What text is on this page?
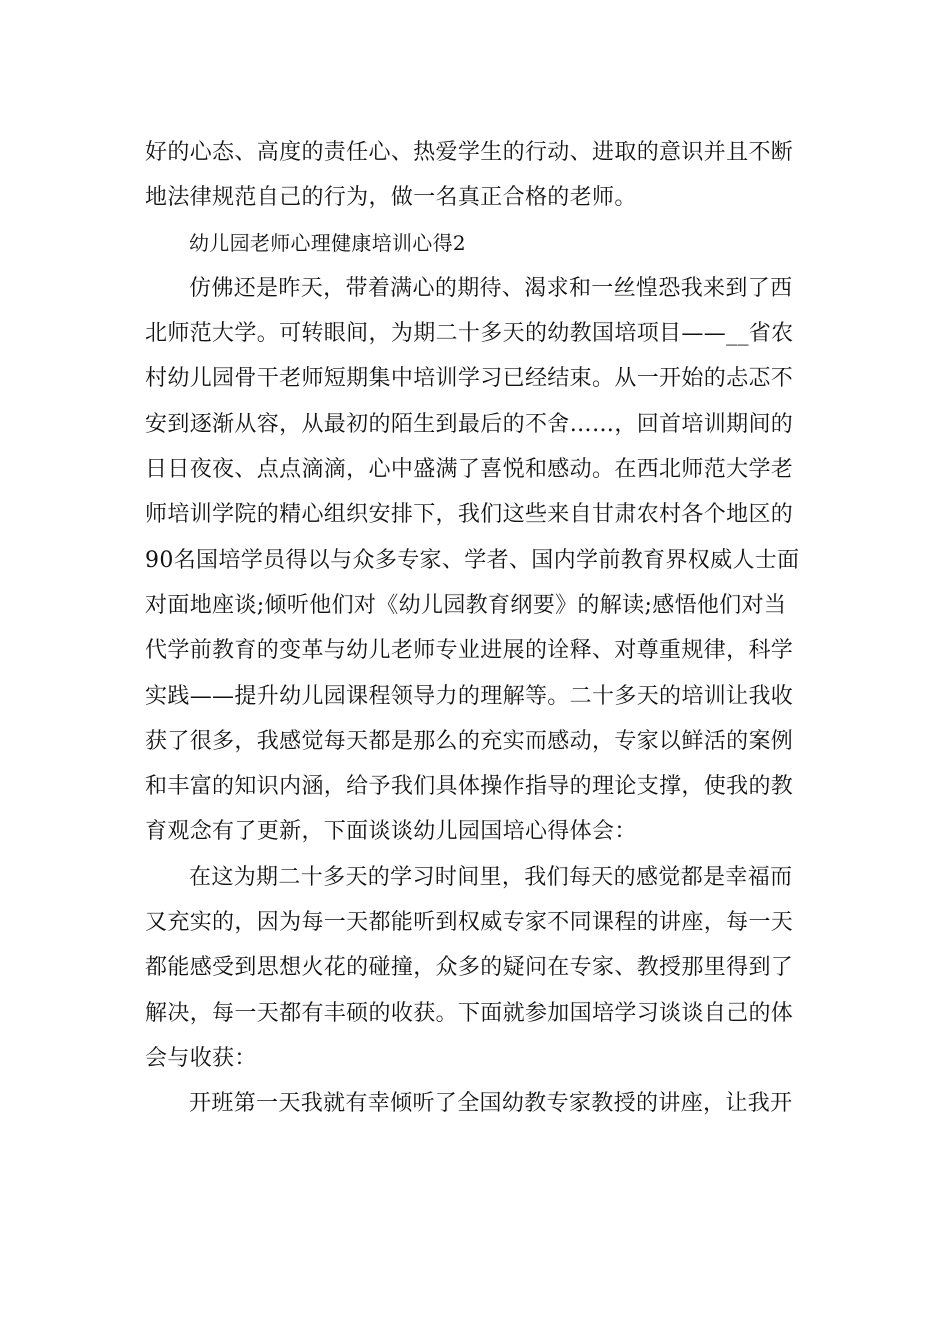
好的心态、高度的责任心、热爱学生的行动、进取的意识并且不断
地法律规范自己的行为，做一名真正合格的老师。
幼儿园老师心理健康培训心得2
仿佛还是昨天，带着满心的期待、渴求和一丝惶恐我来到了西
北师范大学。可转眼间，为期二十多天的幼教国培项目——__省农
村幼儿园骨干老师短期集中培训学习已经结束。从一开始的忐忑不
安到逐渐从容，从最初的陌生到最后的不舍……，回首培训期间的
日日夜夜、点点滴滴，心中盛满了喜悦和感动。在西北师范大学老
师培训学院的精心组织安排下，我们这些来自甘肃农村各个地区的
90名国培学员得以与众多专家、学者、国内学前教育界权威人士面
对面地座谈;倾听他们对《幼儿园教育纲要》的解读;感悟他们对当
代学前教育的变革与幼儿老师专业进展的诠释、对尊重规律，科学
实践——提升幼儿园课程领导力的理解等。二十多天的培训让我收
获了很多，我感觉每天都是那么的充实而感动，专家以鲜活的案例
和丰富的知识内涵，给予我们具体操作指导的理论支撑，使我的教
育观念有了更新，下面谈谈幼儿园国培心得体会：
在这为期二十多天的学习时间里，我们每天的感觉都是幸福而
又充实的，因为每一天都能听到权威专家不同课程的讲座，每一天
都能感受到思想火花的碰撞，众多的疑问在专家、教授那里得到了
解决，每一天都有丰硕的收获。下面就参加国培学习谈谈自己的体
会与收获：
开班第一天我就有幸倾听了全国幼教专家教授的讲座，让我开
